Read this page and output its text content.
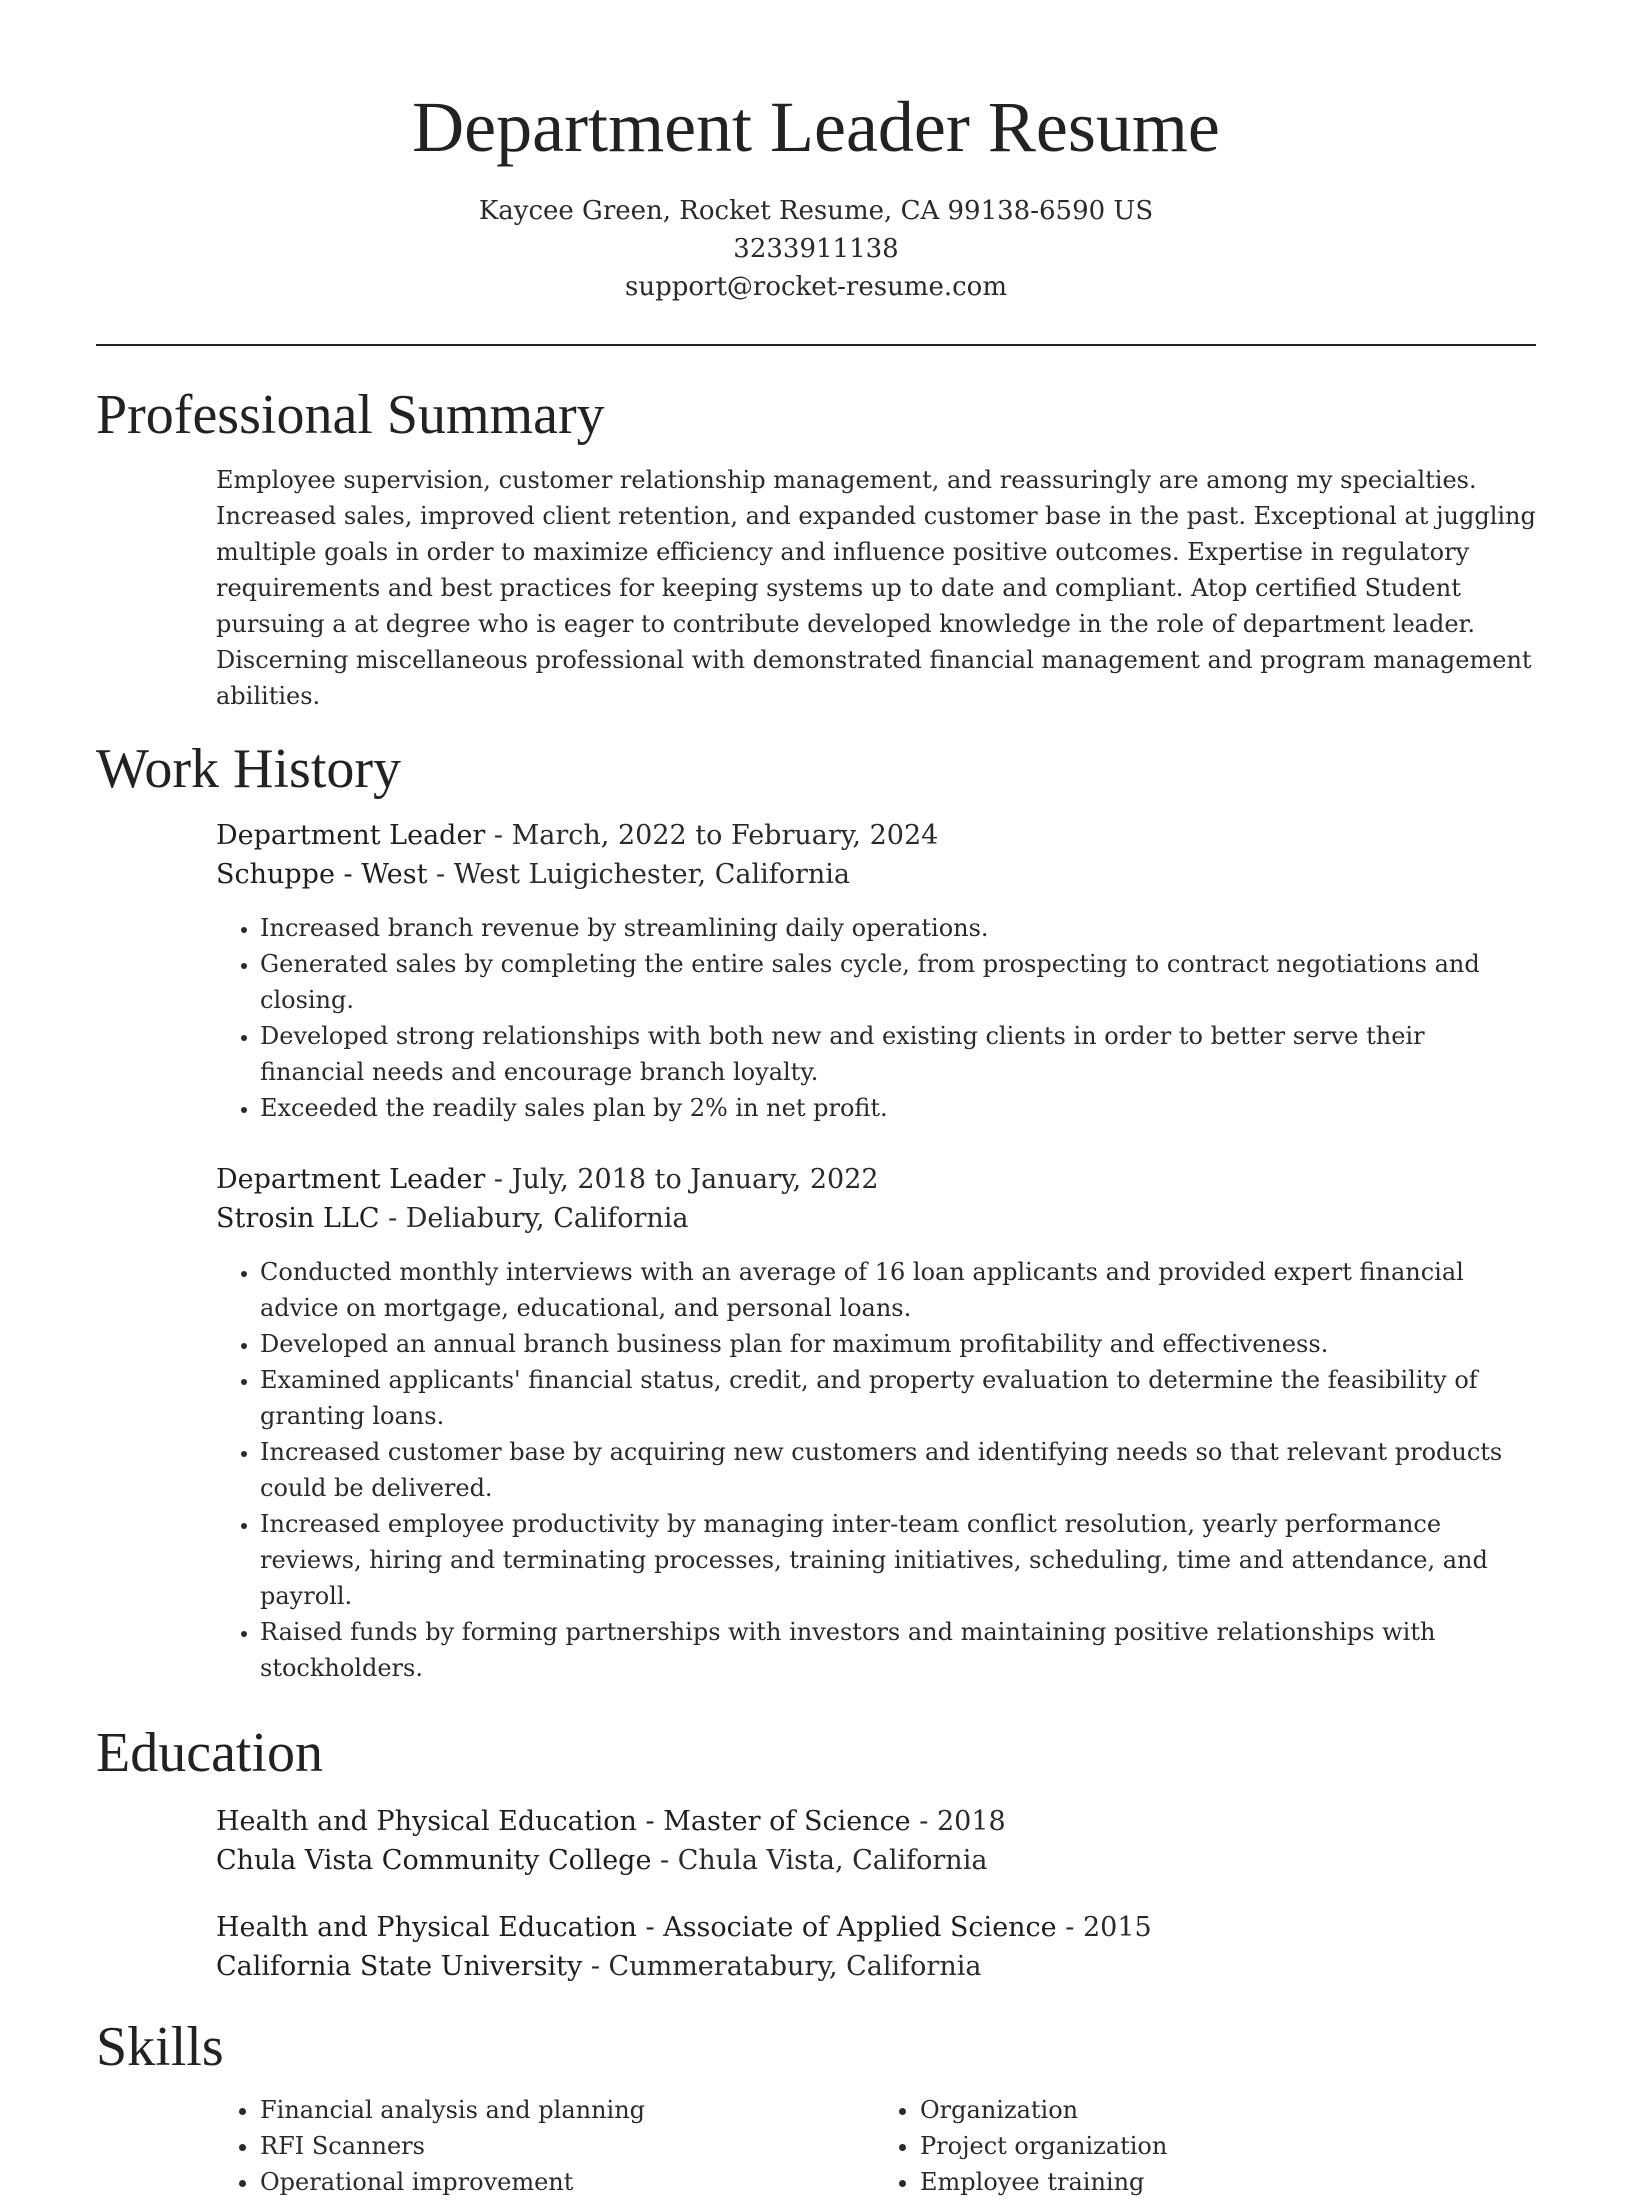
Department Leader Resume
Kaycee Green, Rocket Resume, CA 99138-6590 US
3233911138
support@rocket-resume.com
Professional Summary

Employee supervision, customer relationship management, and reassuringly are among my specialties. Increased sales, improved client retention, and expanded customer base in the past. Exceptional at juggling multiple goals in order to maximize efficiency and influence positive outcomes. Expertise in regulatory requirements and best practices for keeping systems up to date and compliant. Atop certified Student pursuing a at degree who is eager to contribute developed knowledge in the role of department leader. Discerning miscellaneous professional with demonstrated financial management and program management abilities.

Work History
Department Leader - March, 2022 to February, 2024
Schuppe - West - West Luigichester, California
• Increased branch revenue by streamlining daily operations.
• Generated sales by completing the entire sales cycle, from prospecting to contract negotiations and closing.
• Developed strong relationships with both new and existing clients in order to better serve their financial needs and encourage branch loyalty.
• Exceeded the readily sales plan by 2% in net profit.
Department Leader - July, 2018 to January, 2022
Strosin LLC - Deliabury, California
• Conducted monthly interviews with an average of 16 loan applicants and provided expert financial advice on mortgage, educational, and personal loans.
• Developed an annual branch business plan for maximum profitability and effectiveness.
• Examined applicants' financial status, credit, and property evaluation to determine the feasibility of granting loans.
• Increased customer base by acquiring new customers and identifying needs so that relevant products could be delivered.
• Increased employee productivity by managing inter-team conflict resolution, yearly performance reviews, hiring and terminating processes, training initiatives, scheduling, time and attendance, and payroll.
• Raised funds by forming partnerships with investors and maintaining positive relationships with stockholders.
Education
Health and Physical Education - Master of Science - 2018
Chula Vista Community College - Chula Vista, California
Health and Physical Education - Associate of Applied Science - 2015
California State University - Cummeratabury, California
Skills
• Financial analysis and planning
• RFI Scanners
• Operational improvement
• Organization
• Project organization
• Employee training
